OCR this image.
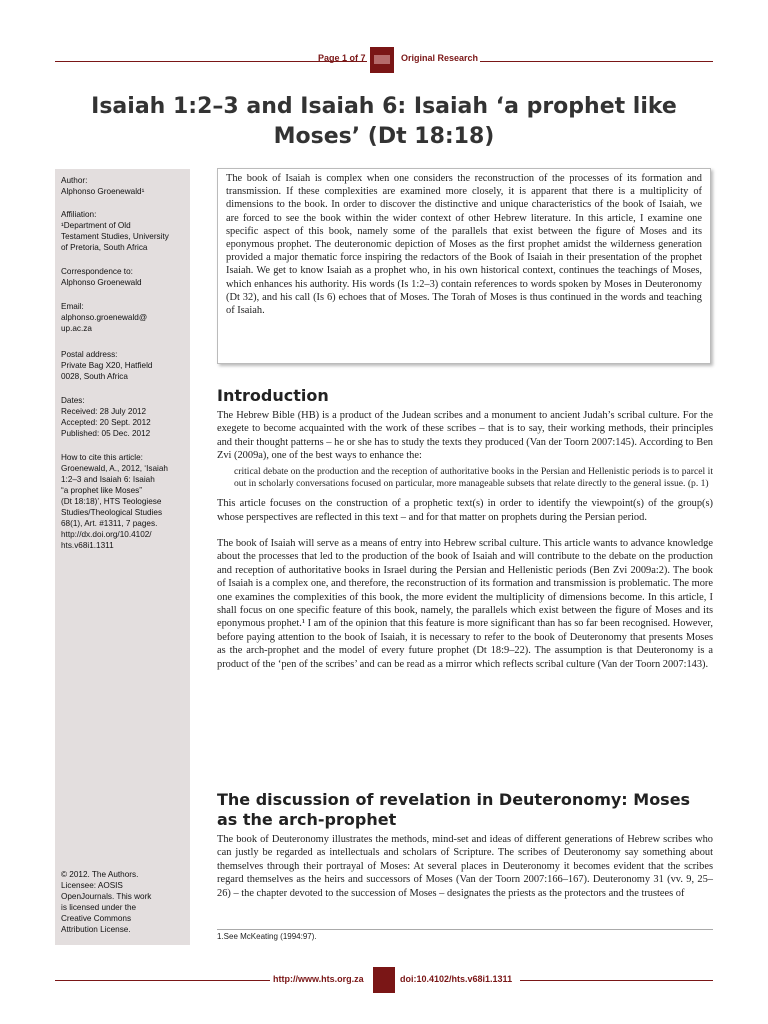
Page 1 of 7	Original Research
Isaiah 1:2–3 and Isaiah 6: Isaiah ‘a prophet like
Moses’ (Dt 18:18)
Author:
Alphonso Groenewald¹
Affiliation:
¹Department of Old
Testament Studies, University
of Pretoria, South Africa
Correspondence to:
Alphonso Groenewald
Email:
alphonso.groenewald@
up.ac.za
Postal address:
Private Bag X20, Hatfield
0028, South Africa
Dates:
Received: 28 July 2012
Accepted: 20 Sept. 2012
Published: 05 Dec. 2012
How to cite this article:
Groenewald, A., 2012, ‘Isaiah
1:2–3 and Isaiah 6: Isaiah
“a prophet like Moses”
(Dt 18:18)’, HTS Teologiese
Studies/Theological Studies
68(1), Art. #1311, 7 pages.
http://dx.doi.org/10.4102/
hts.v68i1.1311
© 2012. The Authors.
Licensee: AOSIS
OpenJournals. This work
is licensed under the
Creative Commons
Attribution License.

The book of Isaiah is complex when one considers the reconstruction of the processes of its formation and transmission. If these complexities are examined more closely, it is apparent that there is a multiplicity of dimensions to the book. In order to discover the distinctive and unique characteristics of the book of Isaiah, we are forced to see the book within the wider context of other Hebrew literature. In this article, I examine one specific aspect of this book, namely some of the parallels that exist between the figure of Moses and its eponymous prophet. The deuteronomic depiction of Moses as the first prophet amidst the wilderness generation provided a major thematic force inspiring the redactors of the Book of Isaiah in their presentation of the prophet Isaiah. We get to know Isaiah as a prophet who, in his own historical context, continues the teachings of Moses, which enhances his authority. His words (Is 1:2–3) contain references to words spoken by Moses in Deuteronomy (Dt 32), and his call (Is 6) echoes that of Moses. The Torah of Moses is thus continued in the words and teaching of Isaiah.

Introduction

The Hebrew Bible (HB) is a product of the Judean scribes and a monument to ancient Judah’s scribal culture. For the exegete to become acquainted with the work of these scribes – that is to say, their working methods, their principles and their thought patterns – he or she has to study the texts they produced (Van der Toorn 2007:145). According to Ben Zvi (2009a), one of the best ways to enhance the:

critical debate on the production and the reception of authoritative books in the Persian and Hellenistic periods is to parcel it out in scholarly conversations focused on particular, more manageable subsets that relate directly to the general issue. (p. 1)

This article focuses on the construction of a prophetic text(s) in order to identify the viewpoint(s) of the group(s) whose perspectives are reflected in this text – and for that matter on prophets during the Persian period.

The book of Isaiah will serve as a means of entry into Hebrew scribal culture. This article wants to advance knowledge about the processes that led to the production of the book of Isaiah and will contribute to the debate on the production and reception of authoritative books in Israel during the Persian and Hellenistic periods (Ben Zvi 2009a:2). The book of Isaiah is a complex one, and therefore, the reconstruction of its formation and transmission is problematic. The more one examines the complexities of this book, the more evident the multiplicity of dimensions become. In this article, I shall focus on one specific feature of this book, namely, the parallels which exist between the figure of Moses and its eponymous prophet.¹ I am of the opinion that this feature is more significant than has so far been recognised. However, before paying attention to the book of Isaiah, it is necessary to refer to the book of Deuteronomy that presents Moses as the arch-prophet and the model of every future prophet (Dt 18:9–22). The assumption is that Deuteronomy is a product of the ‘pen of the scribes’ and can be read as a mirror which reflects scribal culture (Van der Toorn 2007:143).

The discussion of revelation in Deuteronomy: Moses as the arch-prophet

The book of Deuteronomy illustrates the methods, mind-set and ideas of different generations of Hebrew scribes who can justly be regarded as intellectuals and scholars of Scripture. The scribes of Deuteronomy say something about themselves through their portrayal of Moses: At several places in Deuteronomy it becomes evident that the scribes regard themselves as the heirs and successors of Moses (Van der Toorn 2007:166–167). Deuteronomy 31 (vv. 9, 25–26) – the chapter devoted to the succession of Moses – designates the priests as the protectors and the trustees of

1.See McKeating (1994:97).
http://www.hts.org.za	doi:10.4102/hts.v68i1.1311
